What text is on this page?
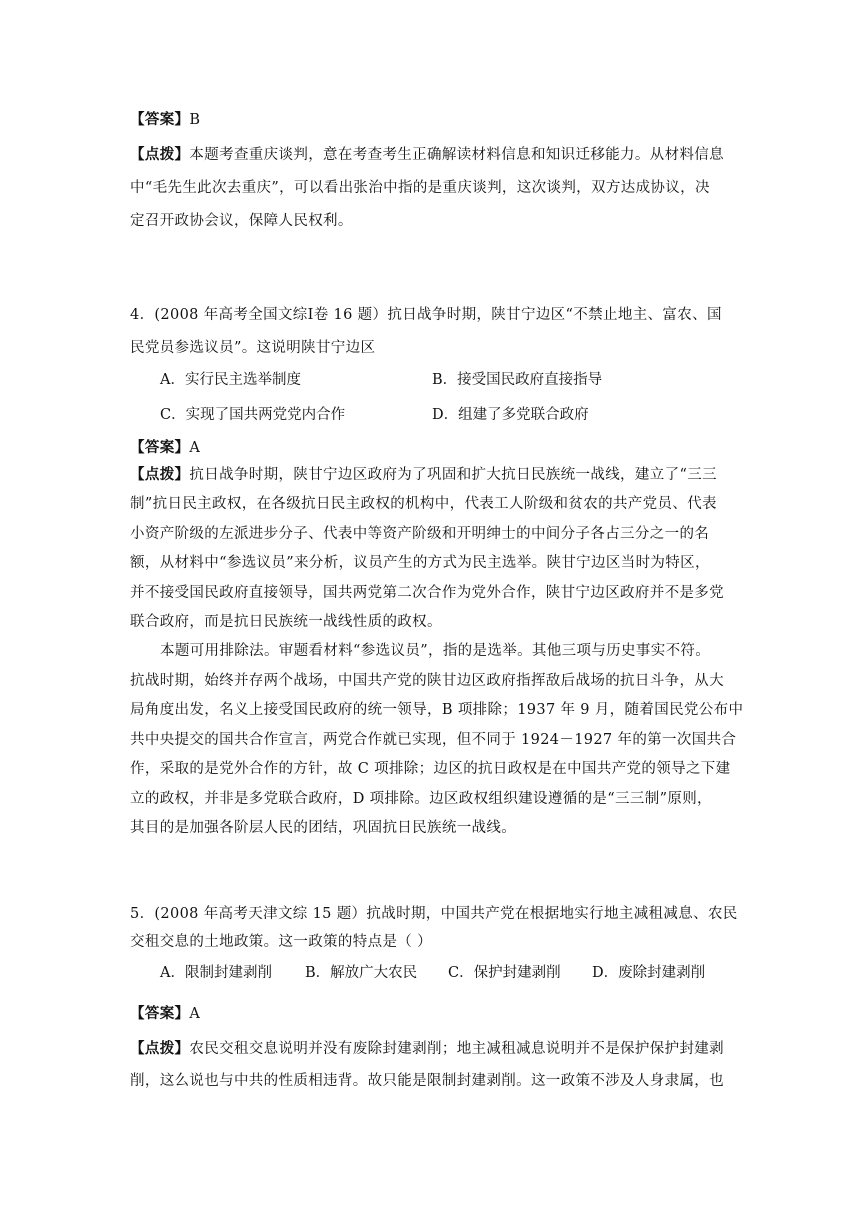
【答案】B

【点拨】本题考查重庆谈判，意在考查考生正确解读材料信息和知识迁移能力。从材料信息

中“毛先生此次去重庆”，可以看出张治中指的是重庆谈判，这次谈判，双方达成协议，决

定召开政协会议，保障人民权利。

4．(2008 年高考全国文综Ⅰ卷 16 题）抗日战争时期，陕甘宁边区“不禁止地主、富农、国

民党员参选议员”。这说明陕甘宁边区

A．实行民主选举制度	B．接受国民政府直接指导
C．实现了国共两党党内合作	D．组建了多党联合政府

【答案】A

【点拨】抗日战争时期，陕甘宁边区政府为了巩固和扩大抗日民族统一战线，建立了“三三

制”抗日民主政权，在各级抗日民主政权的机构中，代表工人阶级和贫农的共产党员、代表

小资产阶级的左派进步分子、代表中等资产阶级和开明绅士的中间分子各占三分之一的名

额，从材料中“参选议员”来分析，议员产生的方式为民主选举。陕甘宁边区当时为特区，

并不接受国民政府直接领导，国共两党第二次合作为党外合作，陕甘宁边区政府并不是多党

联合政府，而是抗日民族统一战线性质的政权。

本题可用排除法。审题看材料“参选议员”，指的是选举。其他三项与历史事实不符。

抗战时期，始终并存两个战场，中国共产党的陕甘边区政府指挥敌后战场的抗日斗争，从大

局角度出发，名义上接受国民政府的统一领导，B 项排除；1937 年 9 月，随着国民党公布中

共中央提交的国共合作宣言，两党合作就已实现，但不同于 1924－1927 年的第一次国共合

作，采取的是党外合作的方针，故 C 项排除；边区的抗日政权是在中国共产党的领导之下建

立的政权，并非是多党联合政府，D 项排除。边区政权组织建设遵循的是“三三制”原则，

其目的是加强各阶层人民的团结，巩固抗日民族统一战线。

5．(2008 年高考天津文综 15 题）抗战时期，中国共产党在根据地实行地主减租减息、农民

交租交息的土地政策。这一政策的特点是（ ）

A．限制封建剥削 B．解放广大农民 C．保护封建剥削 D．废除封建剥削

【答案】A

【点拨】农民交租交息说明并没有废除封建剥削；地主减租减息说明并不是保护保护封建剥

削，这么说也与中共的性质相违背。故只能是限制封建剥削。这一政策不涉及人身隶属，也
